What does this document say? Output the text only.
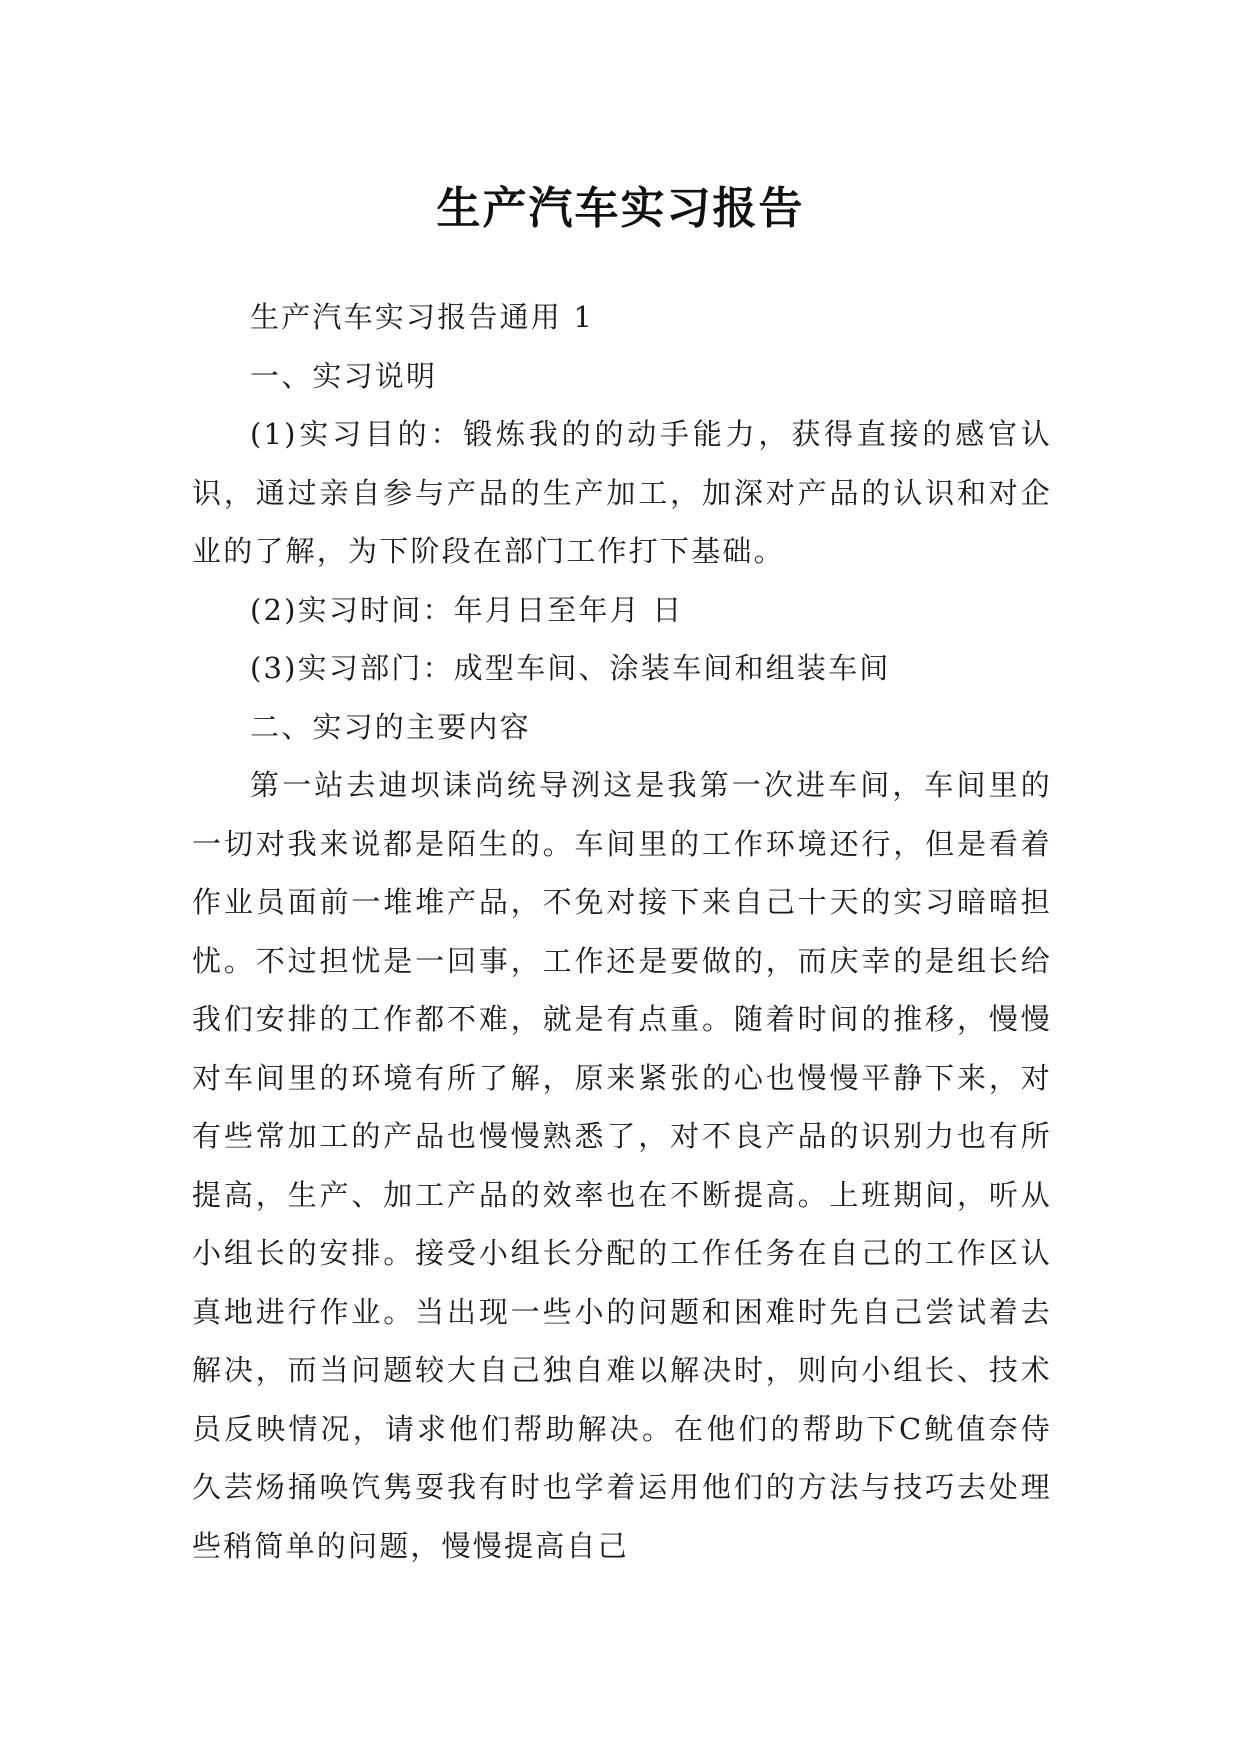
生产汽车实习报告

生产汽车实习报告通用 1

一、实习说明

(1)实习目的：锻炼我的的动手能力，获得直接的感官认识，通过亲自参与产品的生产加工，加深对产品的认识和对企业的了解，为下阶段在部门工作打下基础。

(2)实习时间：年月日至年月 日

(3)实习部门：成型车间、涂装车间和组装车间

二、实习的主要内容

第一站去迪坝诔尚统导洌这是我第一次进车间，车间里的一切对我来说都是陌生的。车间里的工作环境还行，但是看着作业员面前一堆堆产品，不免对接下来自己十天的实习暗暗担忧。不过担忧是一回事，工作还是要做的，而庆幸的是组长给我们安排的工作都不难，就是有点重。随着时间的推移，慢慢对车间里的环境有所了解，原来紧张的心也慢慢平静下来，对有些常加工的产品也慢慢熟悉了，对不良产品的识别力也有所提高，生产、加工产品的效率也在不断提高。上班期间，听从小组长的安排。接受小组长分配的工作任务在自己的工作区认真地进行作业。当出现一些小的问题和困难时先自己尝试着去解决，而当问题较大自己独自难以解决时，则向小组长、技术员反映情况，请求他们帮助解决。在他们的帮助下C鱿值奈侍久芸炀捅唤饩隽耍我有时也学着运用他们的方法与技巧去处理些稍简单的问题，慢慢提高自己
